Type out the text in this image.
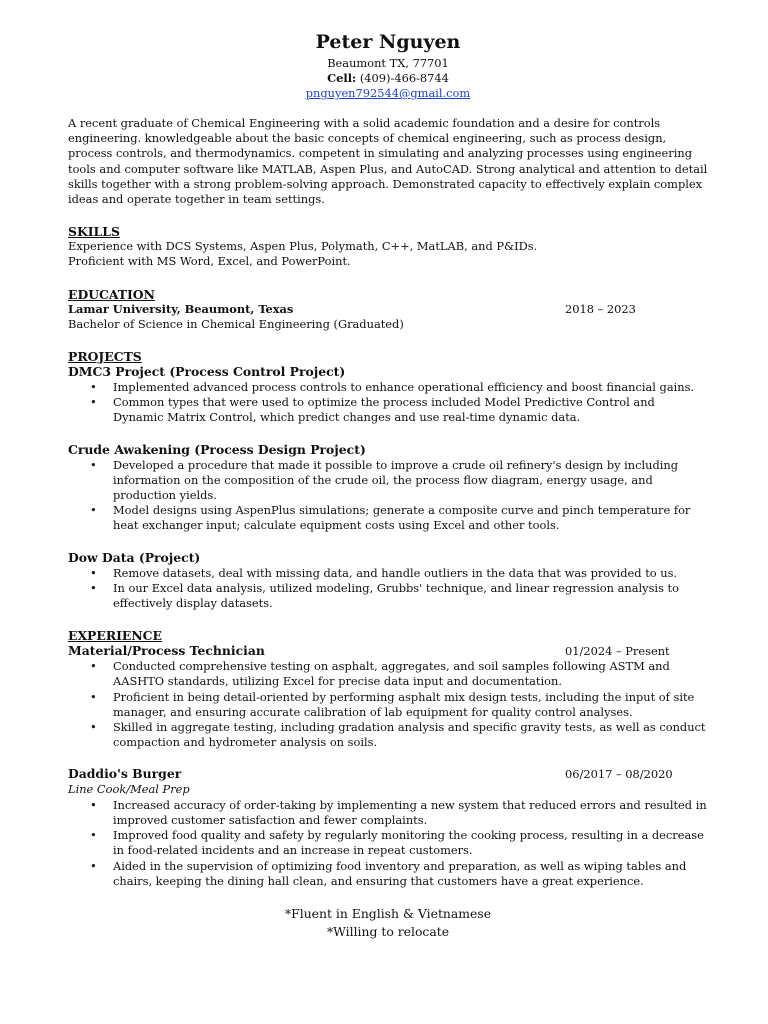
Peter Nguyen
Beaumont TX, 77701
Cell: (409)-466-8744
pnguyen792544@gmail.com
A recent graduate of Chemical Engineering with a solid academic foundation and a desire for controls engineering. knowledgeable about the basic concepts of chemical engineering, such as process design, process controls, and thermodynamics. competent in simulating and analyzing processes using engineering tools and computer software like MATLAB, Aspen Plus, and AutoCAD. Strong analytical and attention to detail skills together with a strong problem-solving approach. Demonstrated capacity to effectively explain complex ideas and operate together in team settings.
SKILLS
Experience with DCS Systems, Aspen Plus, Polymath, C++, MatLAB, and P&IDs.
Proficient with MS Word, Excel, and PowerPoint.
EDUCATION
Lamar University, Beaumont, Texas	2018 – 2023
Bachelor of Science in Chemical Engineering (Graduated)
PROJECTS
DMC3 Project (Process Control Project)
• Implemented advanced process controls to enhance operational efficiency and boost financial gains.
• Common types that were used to optimize the process included Model Predictive Control and Dynamic Matrix Control, which predict changes and use real-time dynamic data.
Crude Awakening (Process Design Project)
• Developed a procedure that made it possible to improve a crude oil refinery's design by including information on the composition of the crude oil, the process flow diagram, energy usage, and production yields.
• Model designs using AspenPlus simulations; generate a composite curve and pinch temperature for heat exchanger input; calculate equipment costs using Excel and other tools.
Dow Data (Project)
• Remove datasets, deal with missing data, and handle outliers in the data that was provided to us.
• In our Excel data analysis, utilized modeling, Grubbs' technique, and linear regression analysis to effectively display datasets.
EXPERIENCE
Material/Process Technician	01/2024 – Present
• Conducted comprehensive testing on asphalt, aggregates, and soil samples following ASTM and AASHTO standards, utilizing Excel for precise data input and documentation.
• Proficient in being detail-oriented by performing asphalt mix design tests, including the input of site manager, and ensuring accurate calibration of lab equipment for quality control analyses.
• Skilled in aggregate testing, including gradation analysis and specific gravity tests, as well as conduct compaction and hydrometer analysis on soils.
Daddio's Burger	06/2017 – 08/2020
Line Cook/Meal Prep
• Increased accuracy of order-taking by implementing a new system that reduced errors and resulted in improved customer satisfaction and fewer complaints.
• Improved food quality and safety by regularly monitoring the cooking process, resulting in a decrease in food-related incidents and an increase in repeat customers.
• Aided in the supervision of optimizing food inventory and preparation, as well as wiping tables and chairs, keeping the dining hall clean, and ensuring that customers have a great experience.
*Fluent in English & Vietnamese
*Willing to relocate
